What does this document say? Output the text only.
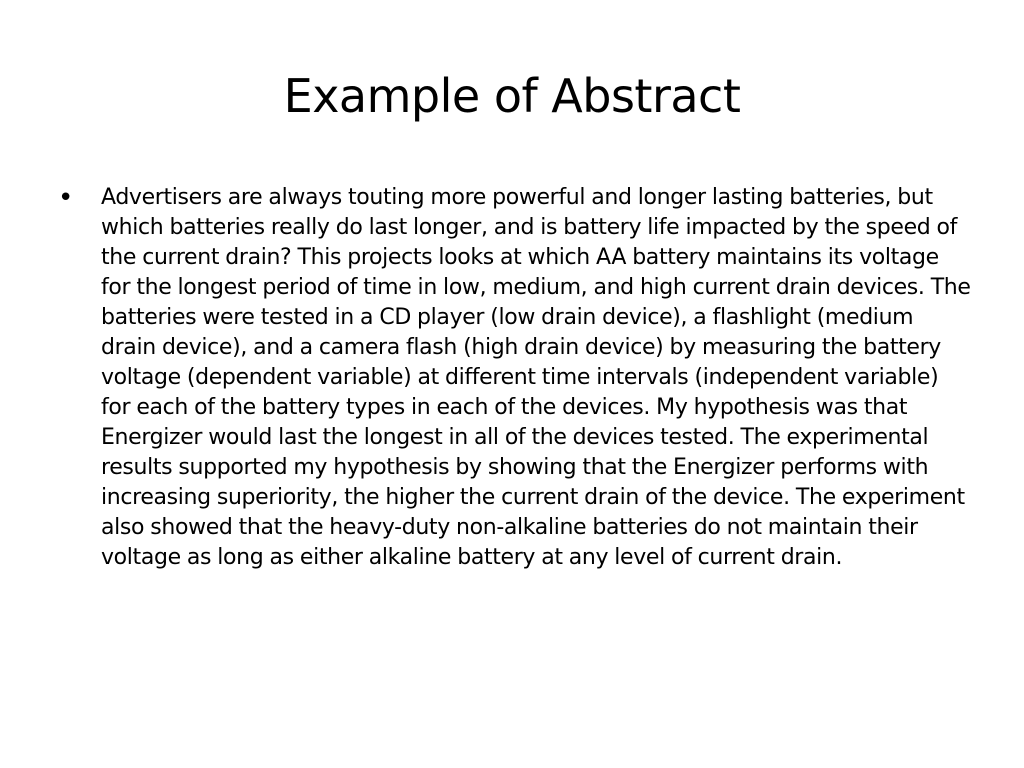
Example of Abstract
• Advertisers are always touting more powerful and longer lasting batteries, but which batteries really do last longer, and is battery life impacted by the speed of the current drain? This projects looks at which AA battery maintains its voltage for the longest period of time in low, medium, and high current drain devices. The batteries were tested in a CD player (low drain device), a flashlight (medium drain device), and a camera flash (high drain device) by measuring the battery voltage (dependent variable) at different time intervals (independent variable) for each of the battery types in each of the devices. My hypothesis was that Energizer would last the longest in all of the devices tested. The experimental results supported my hypothesis by showing that the Energizer performs with increasing superiority, the higher the current drain of the device. The experiment also showed that the heavy-duty non-alkaline batteries do not maintain their voltage as long as either alkaline battery at any level of current drain.
